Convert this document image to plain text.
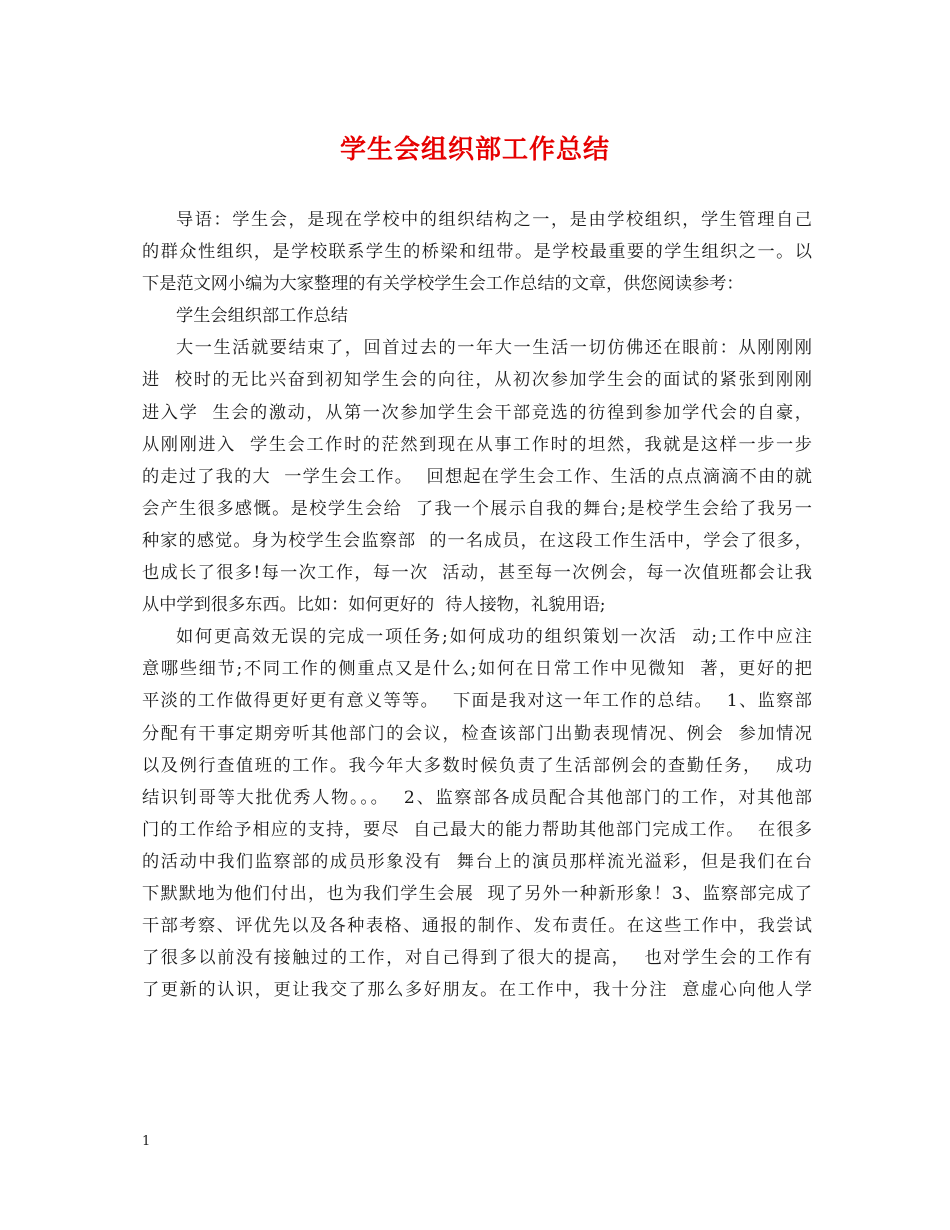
学生会组织部工作总结
导语：学生会，是现在学校中的组织结构之一，是由学校组织，学生管理自己
的群众性组织，是学校联系学生的桥梁和纽带。是学校最重要的学生组织之一。以
下是范文网小编为大家整理的有关学校学生会工作总结的文章，供您阅读参考：
学生会组织部工作总结
大一生活就要结束了，回首过去的一年大一生活一切仿佛还在眼前：从刚刚刚
进  校时的无比兴奋到初知学生会的向往，从初次参加学生会的面试的紧张到刚刚
进入学  生会的激动，从第一次参加学生会干部竞选的彷徨到参加学代会的自豪，
从刚刚进入  学生会工作时的茫然到现在从事工作时的坦然，我就是这样一步一步
的走过了我的大  一学生会工作。  回想起在学生会工作、生活的点点滴滴不由的就
会产生很多感慨。是校学生会给  了我一个展示自我的舞台;是校学生会给了我另一
种家的感觉。身为校学生会监察部  的一名成员，在这段工作生活中，学会了很多，
也成长了很多!每一次工作，每一次  活动，甚至每一次例会，每一次值班都会让我
从中学到很多东西。比如：如何更好的  待人接物，礼貌用语;
如何更高效无误的完成一项任务;如何成功的组织策划一次活  动;工作中应注
意哪些细节;不同工作的侧重点又是什么;如何在日常工作中见微知  著，更好的把
平淡的工作做得更好更有意义等等。  下面是我对这一年工作的总结。  1、监察部
分配有干事定期旁听其他部门的会议，检查该部门出勤表现情况、例会  参加情况
以及例行查值班的工作。我今年大多数时候负责了生活部例会的查勤任务，  成功
结识钊哥等大批优秀人物。。。  2、监察部各成员配合其他部门的工作，对其他部
门的工作给予相应的支持，要尽  自己最大的能力帮助其他部门完成工作。  在很多
的活动中我们监察部的成员形象没有  舞台上的演员那样流光溢彩，但是我们在台
下默默地为他们付出，也为我们学生会展  现了另外一种新形象！3、监察部完成了
干部考察、评优先以及各种表格、通报的制作、发布责任。在这些工作中，我尝试
了很多以前没有接触过的工作，对自己得到了很大的提高，  也对学生会的工作有
了更新的认识，更让我交了那么多好朋友。在工作中，我十分注  意虚心向他人学
1
